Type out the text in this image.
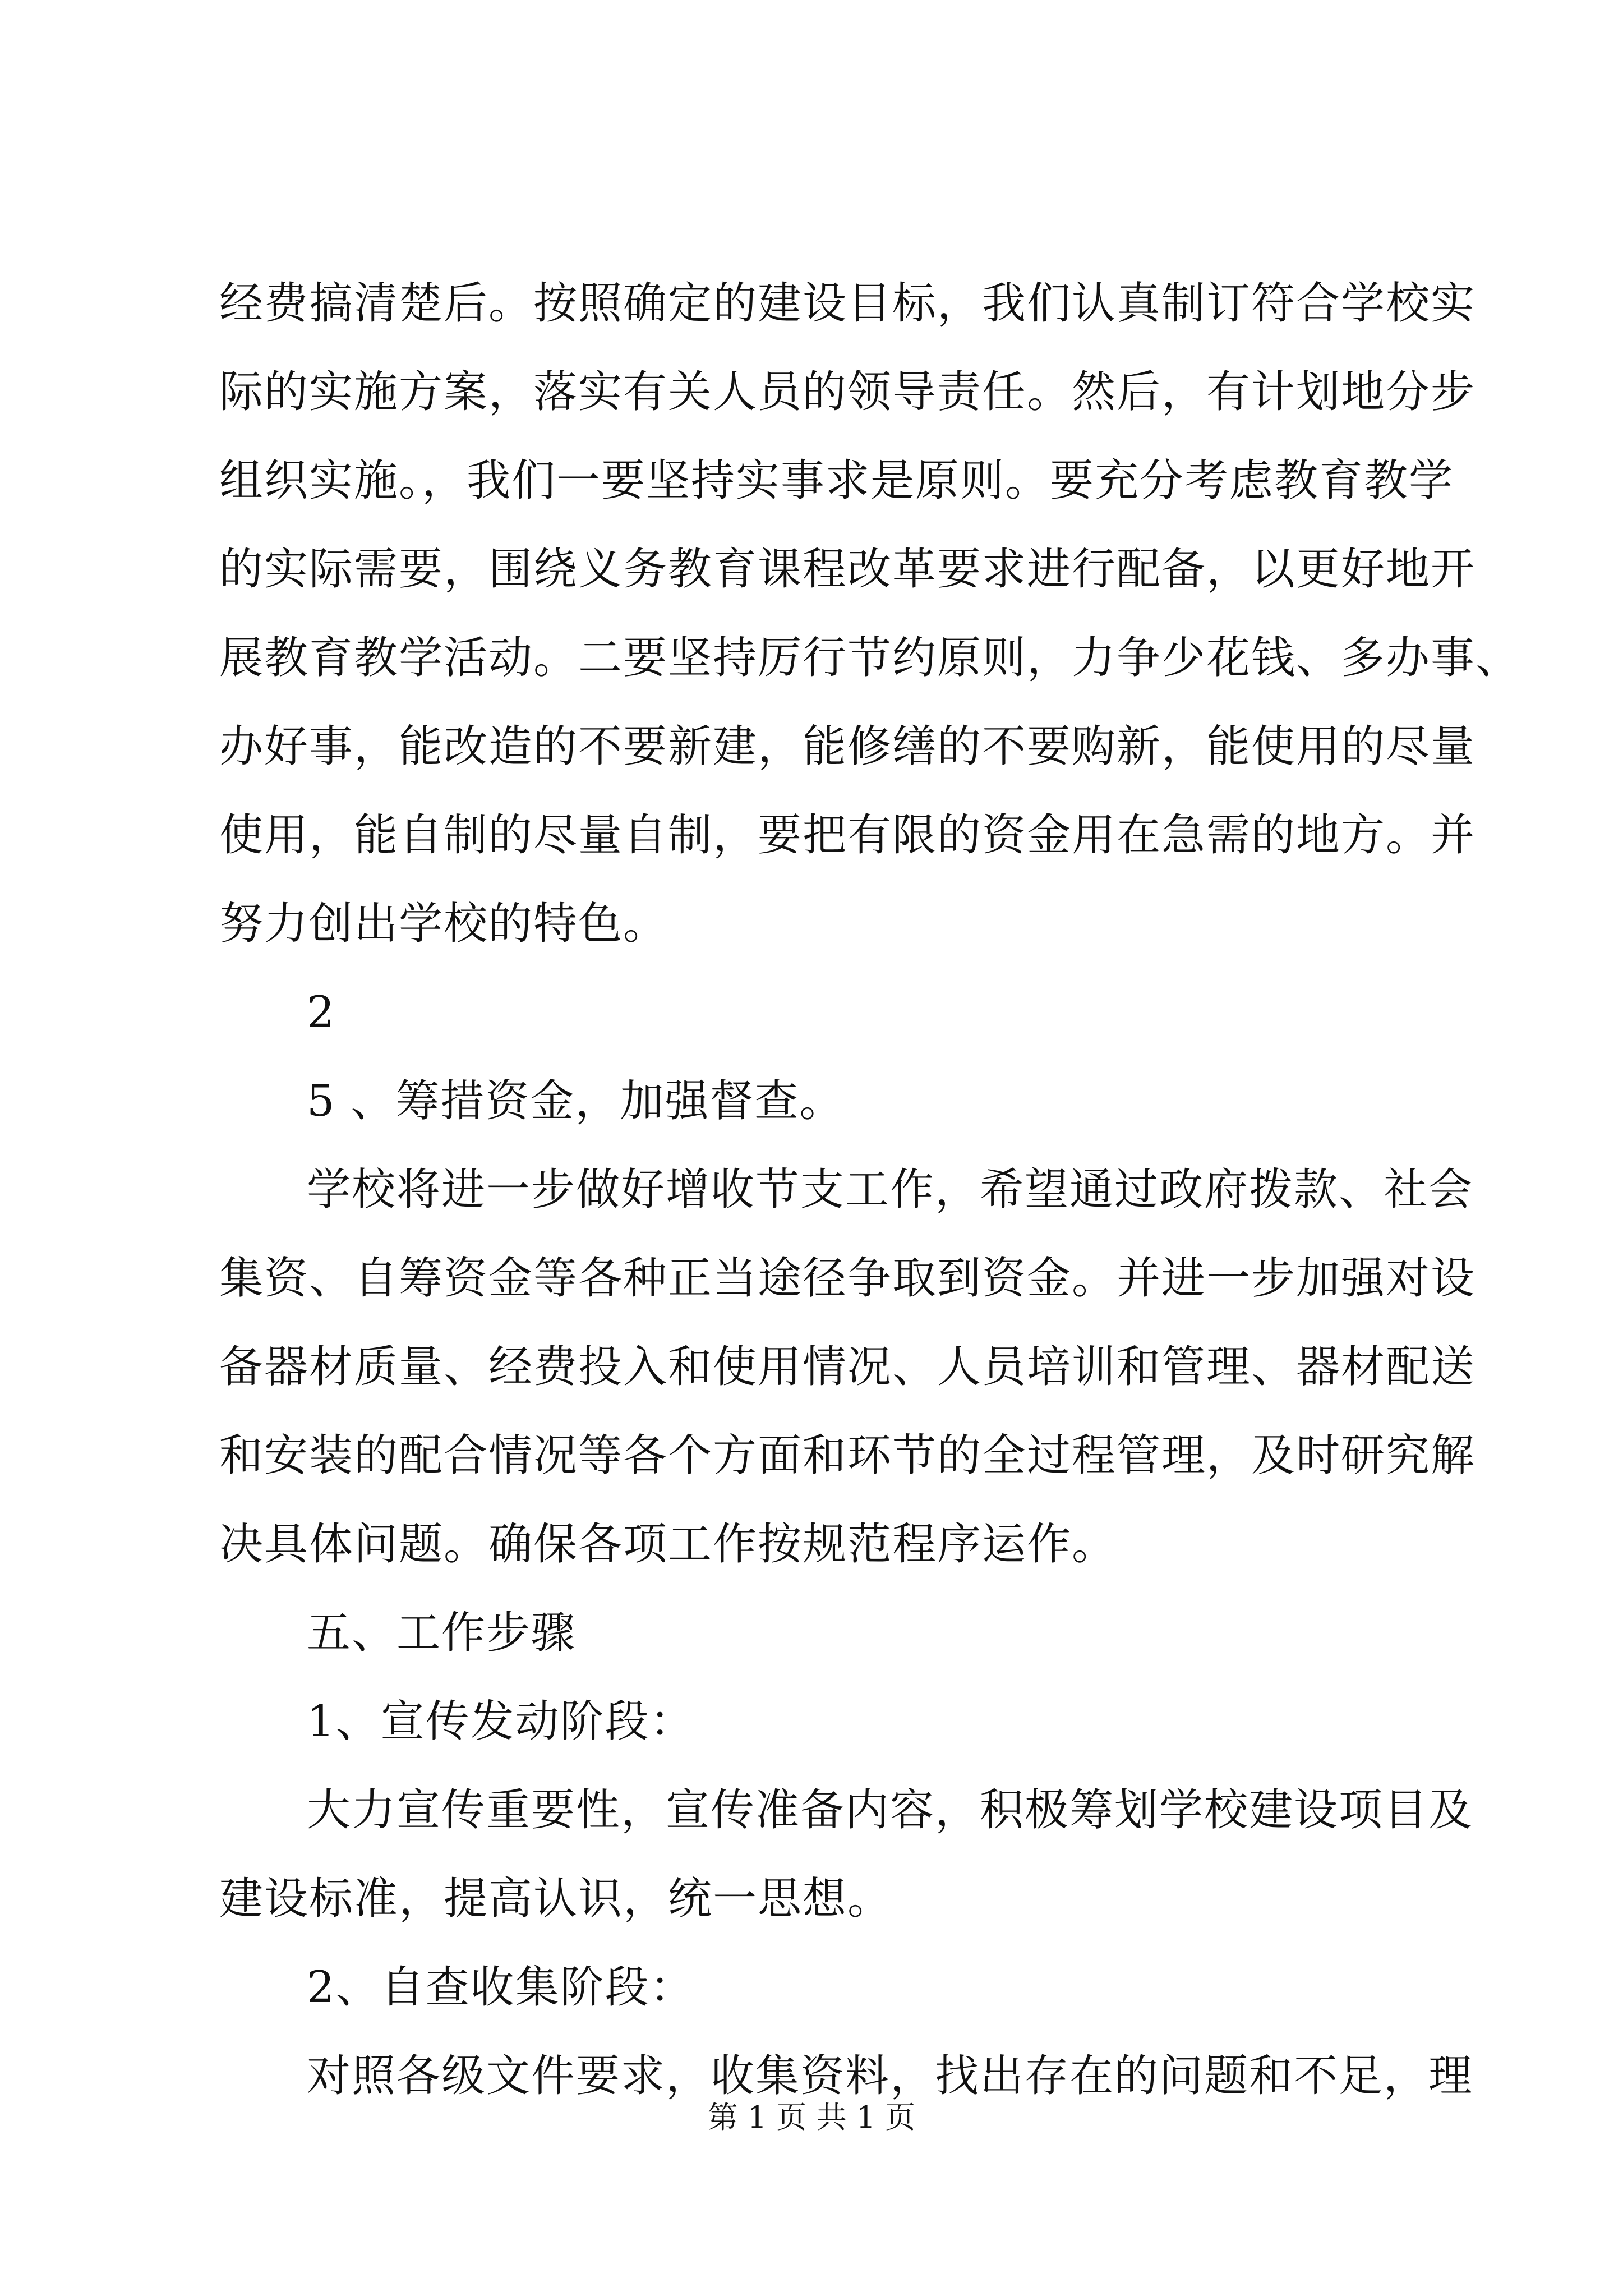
经费搞清楚后。按照确定的建设目标，我们认真制订符合学校实
际的实施方案，落实有关人员的领导责任。然后，有计划地分步
组织实施。，我们一要坚持实事求是原则。要充分考虑教育教学
的实际需要，围绕义务教育课程改革要求进行配备，以更好地开
展教育教学活动。二要坚持厉行节约原则，力争少花钱、多办事、
办好事，能改造的不要新建，能修缮的不要购新，能使用的尽量
使用，能自制的尽量自制，要把有限的资金用在急需的地方。并
努力创出学校的特色。
2
5 、筹措资金，加强督查。
学校将进一步做好增收节支工作，希望通过政府拨款、社会
集资、自筹资金等各种正当途径争取到资金。并进一步加强对设
备器材质量、经费投入和使用情况、人员培训和管理、器材配送
和安装的配合情况等各个方面和环节的全过程管理，及时研究解
决具体问题。确保各项工作按规范程序运作。
五、工作步骤
1、宣传发动阶段：
大力宣传重要性，宣传准备内容，积极筹划学校建设项目及
建设标准，提高认识，统一思想。
2、自查收集阶段：
对照各级文件要求，收集资料，找出存在的问题和不足，理
第 1 页 共 1 页
